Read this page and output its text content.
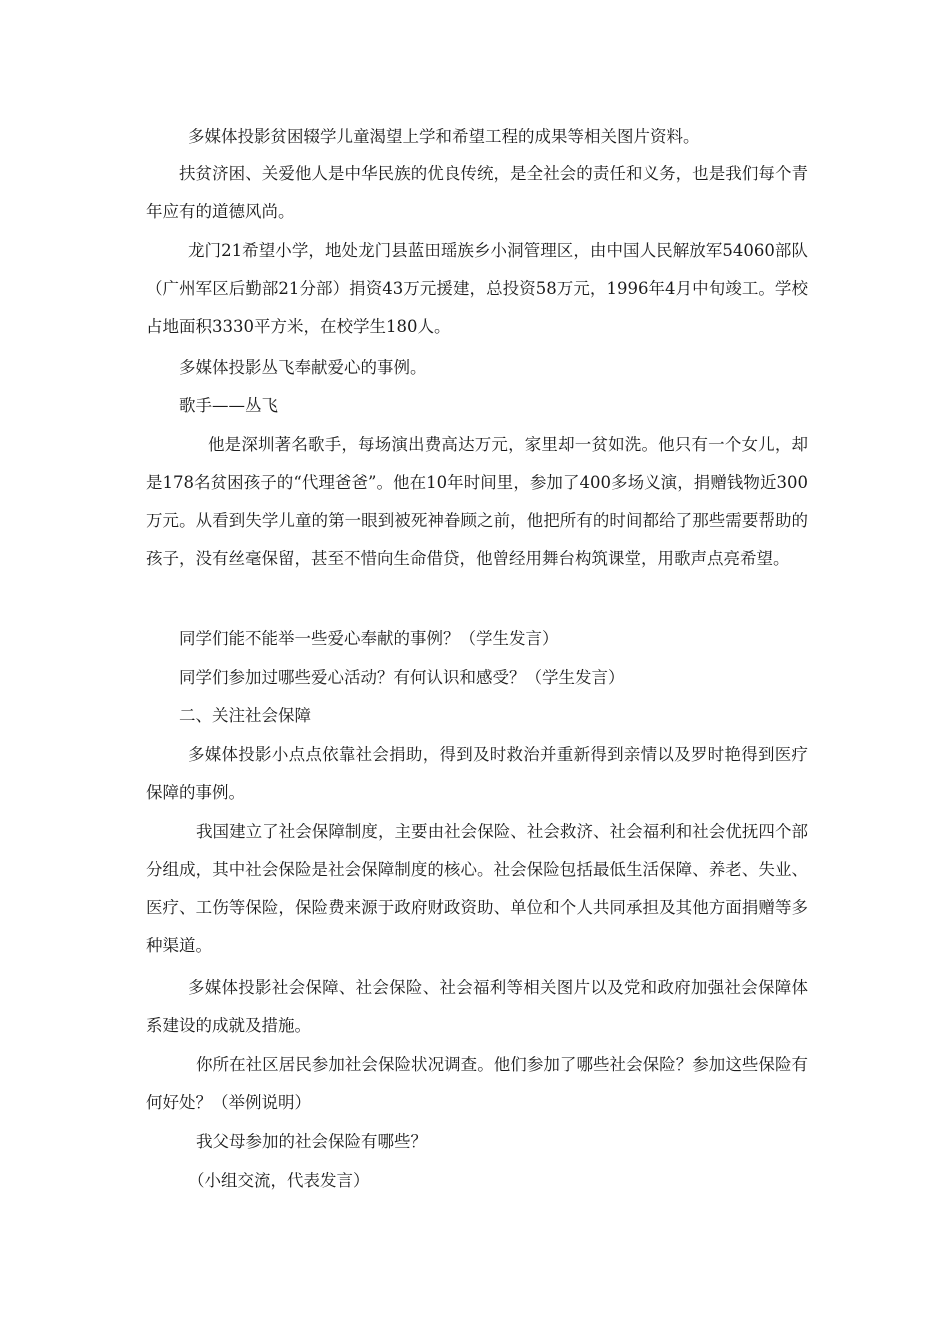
多媒体投影贫困辍学儿童渴望上学和希望工程的成果等相关图片资料。

扶贫济困、关爱他人是中华民族的优良传统，是全社会的责任和义务，也是我们每个青年应有的道德风尚。

龙门21希望小学，地处龙门县蓝田瑶族乡小洞管理区，由中国人民解放军54060部队（广州军区后勤部21分部）捐资43万元援建，总投资58万元，1996年4月中旬竣工。学校占地面积3330平方米，在校学生180人。

多媒体投影丛飞奉献爱心的事例。

歌手——丛飞

他是深圳著名歌手，每场演出费高达万元，家里却一贫如洗。他只有一个女儿，却是178名贫困孩子的“代理爸爸”。他在10年时间里，参加了400多场义演，捐赠钱物近300万元。从看到失学儿童的第一眼到被死神眷顾之前，他把所有的时间都给了那些需要帮助的孩子，没有丝毫保留，甚至不惜向生命借贷，他曾经用舞台构筑课堂，用歌声点亮希望。

同学们能不能举一些爱心奉献的事例？（学生发言）

同学们参加过哪些爱心活动？有何认识和感受？（学生发言）

二、关注社会保障

多媒体投影小点点依靠社会捐助，得到及时救治并重新得到亲情以及罗时艳得到医疗保障的事例。

我国建立了社会保障制度，主要由社会保险、社会救济、社会福利和社会优抚四个部分组成，其中社会保险是社会保障制度的核心。社会保险包括最低生活保障、养老、失业、医疗、工伤等保险，保险费来源于政府财政资助、单位和个人共同承担及其他方面捐赠等多种渠道。

多媒体投影社会保障、社会保险、社会福利等相关图片以及党和政府加强社会保障体系建设的成就及措施。

你所在社区居民参加社会保险状况调查。他们参加了哪些社会保险？参加这些保险有何好处？（举例说明）

我父母参加的社会保险有哪些？

（小组交流，代表发言）
